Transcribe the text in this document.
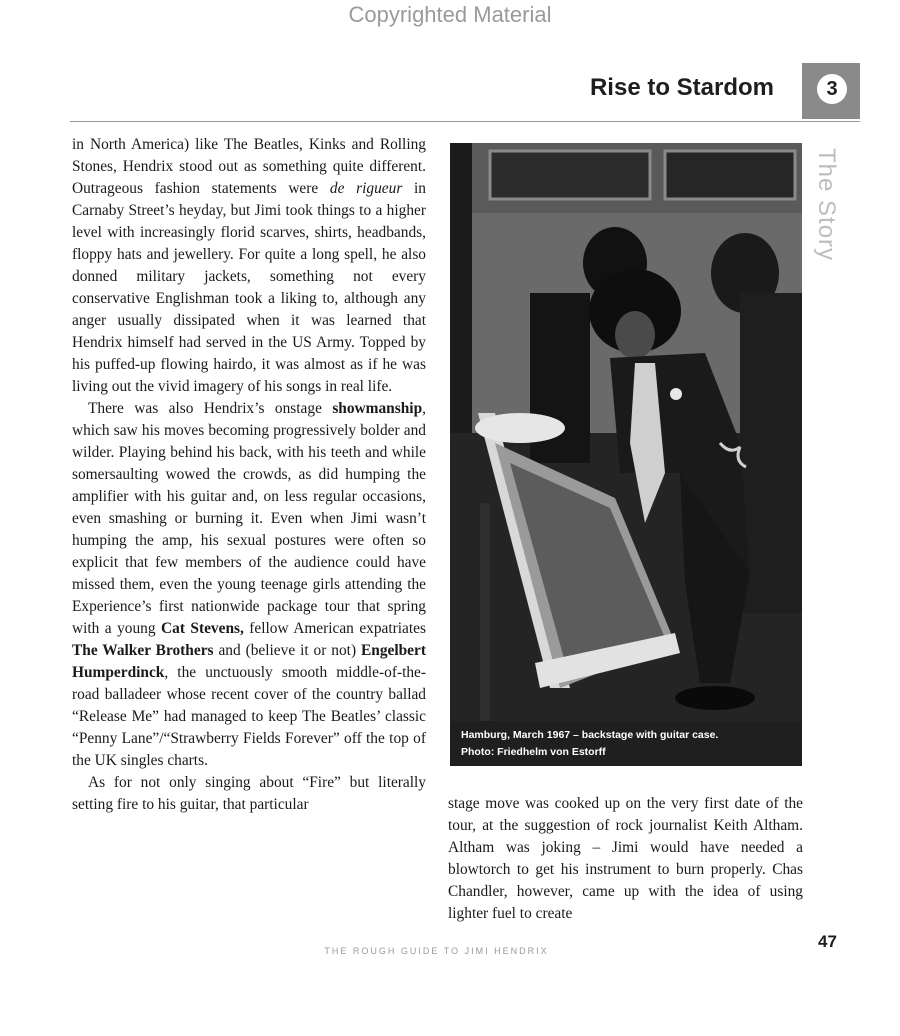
Copyrighted Material
Rise to Stardom	3
The Story

in North America) like The Beatles, Kinks and Rolling Stones, Hendrix stood out as something quite different. Outrageous fashion statements were de rigueur in Carnaby Street’s heyday, but Jimi took things to a higher level with increasingly florid scarves, shirts, headbands, floppy hats and jewellery. For quite a long spell, he also donned military jackets, something not every conservative Englishman took a liking to, although any anger usually dissipated when it was learned that Hendrix himself had served in the US Army. Topped by his puffed-up flowing hairdo, it was almost as if he was living out the vivid imagery of his songs in real life.

There was also Hendrix’s onstage showmanship, which saw his moves becoming progressively bolder and wilder. Playing behind his back, with his teeth and while somersaulting wowed the crowds, as did humping the amplifier with his guitar and, on less regular occasions, even smashing or burning it. Even when Jimi wasn’t humping the amp, his sexual postures were often so explicit that few members of the audience could have missed them, even the young teenage girls attending the Experience’s first nationwide package tour that spring with a young Cat Stevens, fellow American expatriates The Walker Brothers and (believe it or not) Engelbert Humperdinck, the unctuously smooth middle-of-the-road balladeer whose recent cover of the country ballad “Release Me” had managed to keep The Beatles’ classic “Penny Lane”/“Strawberry Fields Forever” off the top of the UK singles charts.

As for not only singing about “Fire” but literally setting fire to his guitar, that particular

Hamburg, March 1967 – backstage with guitar case.
Photo: Friedhelm von Estorff

stage move was cooked up on the very first date of the tour, at the suggestion of rock journalist Keith Altham. Altham was joking – Jimi would have needed a blowtorch to get his instrument to burn properly. Chas Chandler, however, came up with the idea of using lighter fuel to create

THE ROUGH GUIDE TO JIMI HENDRIX	47
